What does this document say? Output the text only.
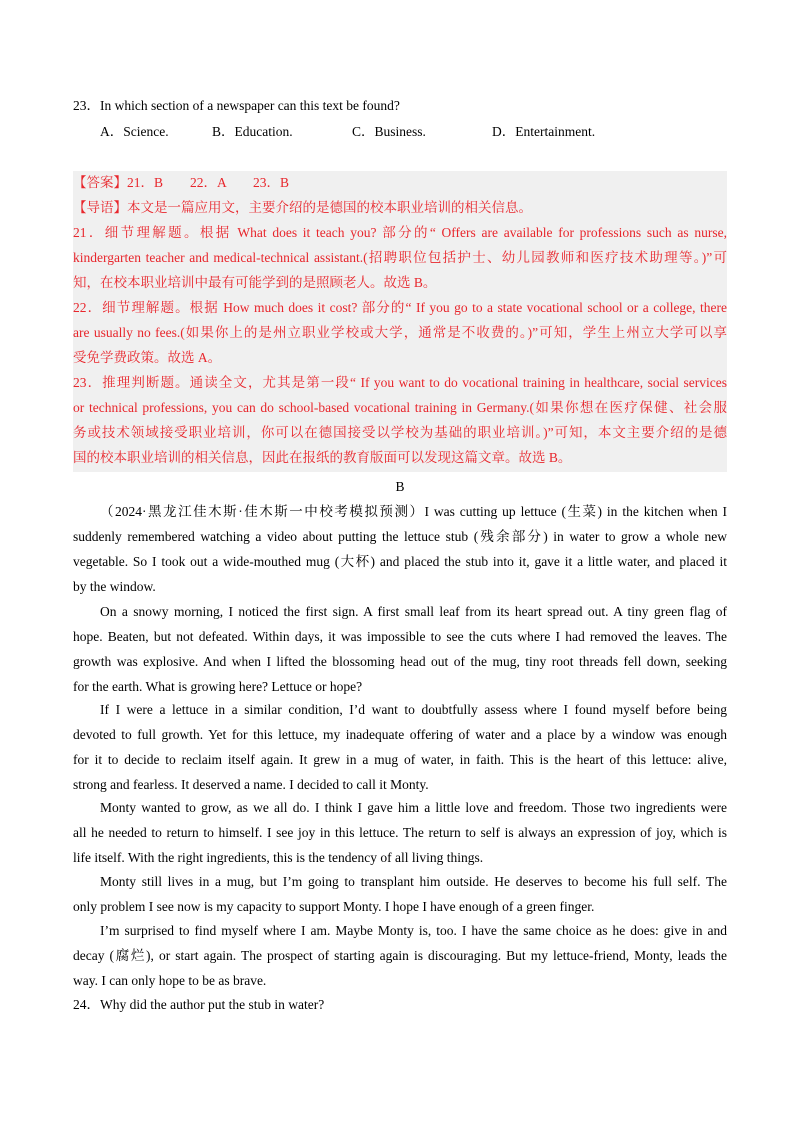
23．In which section of a newspaper can this text be found?
A．Science.	B．Education.	C．Business.	D．Entertainment.
【答案】21．B　　22．A　　23．B
【导语】本文是一篇应用文，主要介绍的是德国的校本职业培训的相关信息。
21．细节理解题。根据 What does it teach you? 部分的“ Offers are available for professions such as nurse,
kindergarten teacher and medical-technical assistant.(招聘职位包括护士、幼儿园教师和医疗技术助理等。)”可
知，在校本职业培训中最有可能学到的是照顾老人。故选 B。
22．细节理解题。根据 How much does it cost? 部分的“ If you go to a state vocational school or a college, there
are usually no fees.(如果你上的是州立职业学校或大学，通常是不收费的。)”可知，学生上州立大学可以享
受免学费政策。故选 A。
23．推理判断题。通读全文，尤其是第一段“ If you want to do vocational training in healthcare, social services
or technical professions, you can do school-based vocational training in Germany.(如果你想在医疗保健、社会服
务或技术领域接受职业培训，你可以在德国接受以学校为基础的职业培训。)”可知，本文主要介绍的是德
国的校本职业培训的相关信息，因此在报纸的教育版面可以发现这篇文章。故选 B。
B
（2024·黑龙江佳木斯·佳木斯一中校考模拟预测）I was cutting up lettuce (生菜) in the kitchen when I
suddenly remembered watching a video about putting the lettuce stub (残余部分) in water to grow a whole new
vegetable. So I took out a wide-mouthed mug (大杯) and placed the stub into it, gave it a little water, and placed it
by the window.
On a snowy morning, I noticed the first sign. A first small leaf from its heart spread out. A tiny green flag of
hope. Beaten, but not defeated. Within days, it was impossible to see the cuts where I had removed the leaves. The
growth was explosive. And when I lifted the blossoming head out of the mug, tiny root threads fell down, seeking
for the earth. What is growing here? Lettuce or hope?
If I were a lettuce in a similar condition, I’d want to doubtfully assess where I found myself before being
devoted to full growth. Yet for this lettuce, my inadequate offering of water and a place by a window was enough
for it to decide to reclaim itself again. It grew in a mug of water, in faith. This is the heart of this lettuce: alive,
strong and fearless. It deserved a name. I decided to call it Monty.
Monty wanted to grow, as we all do. I think I gave him a little love and freedom. Those two ingredients were
all he needed to return to himself. I see joy in this lettuce. The return to self is always an expression of joy, which is
life itself. With the right ingredients, this is the tendency of all living things.
Monty still lives in a mug, but I’m going to transplant him outside. He deserves to become his full self. The
only problem I see now is my capacity to support Monty. I hope I have enough of a green finger.
I’m surprised to find myself where I am. Maybe Monty is, too. I have the same choice as he does: give in and
decay (腐烂), or start again. The prospect of starting again is discouraging. But my lettuce-friend, Monty, leads the
way. I can only hope to be as brave.
24．Why did the author put the stub in water?
